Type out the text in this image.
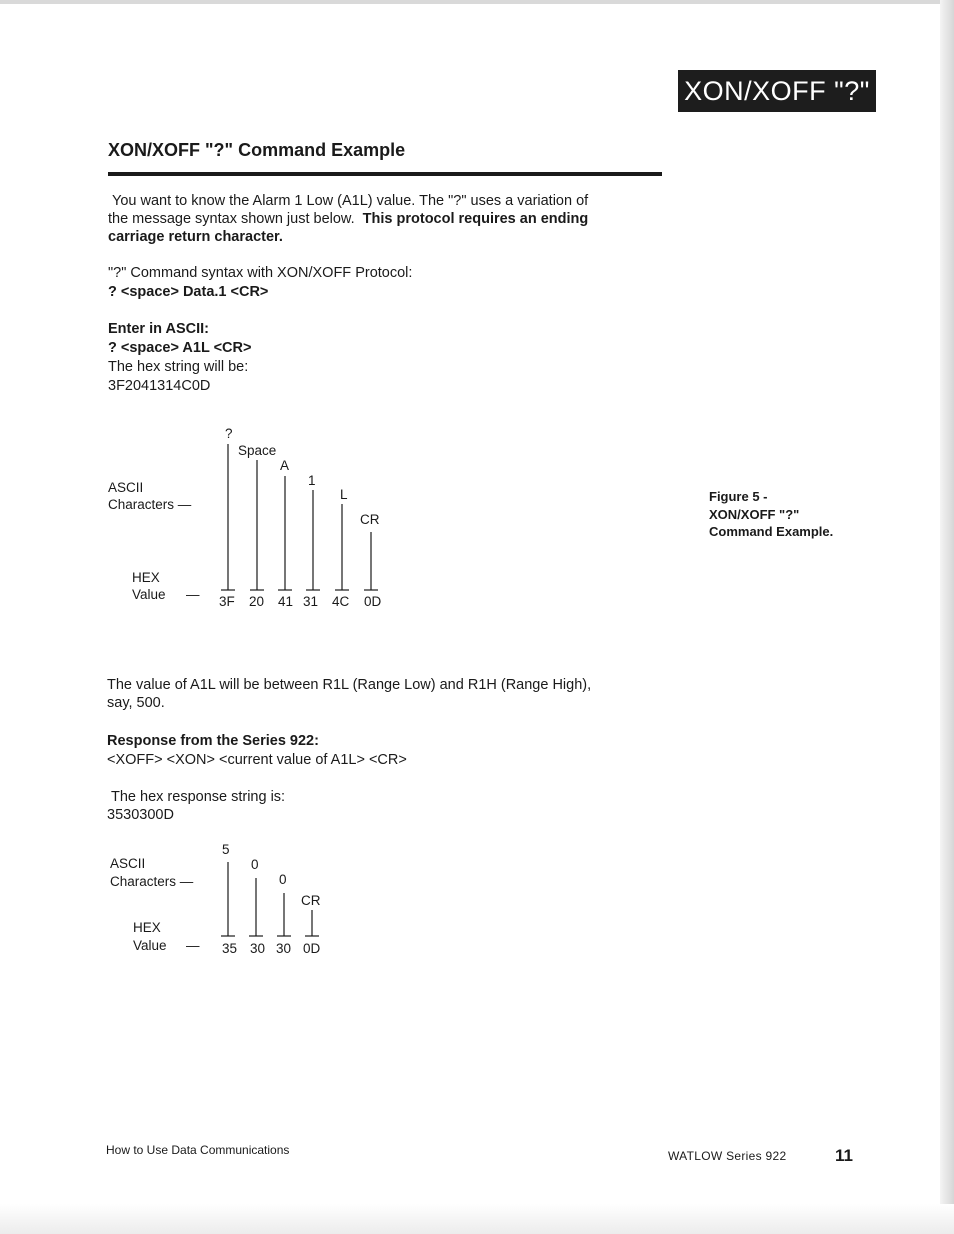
XON/XOFF "?"
XON/XOFF "?" Command Example
You want to know the Alarm 1 Low (A1L) value. The "?" uses a variation of
the message syntax shown just below. This protocol requires an ending
carriage return character.
"?" Command syntax with XON/XOFF Protocol:
? <space> Data.1 <CR>
Enter in ASCII:
? <space> A1L <CR>
The hex string will be:
3F2041314C0D
ASCII
Characters —
HEX
Value —
?
3F
Space
20
A
41
1
31
L
4C
CR
0D
ASCII
Characters —
HEX
Value —
5
35
0
30
0
30
CR
0D
Figure 5 -
XON/XOFF "?"
Command Example.
The value of A1L will be between R1L (Range Low) and R1H (Range High),
say, 500.
Response from the Series 922:
<XOFF> <XON> <current value of A1L> <CR>
The hex response string is:
3530300D
How to Use Data Communications	WATLOW Series 922	11
